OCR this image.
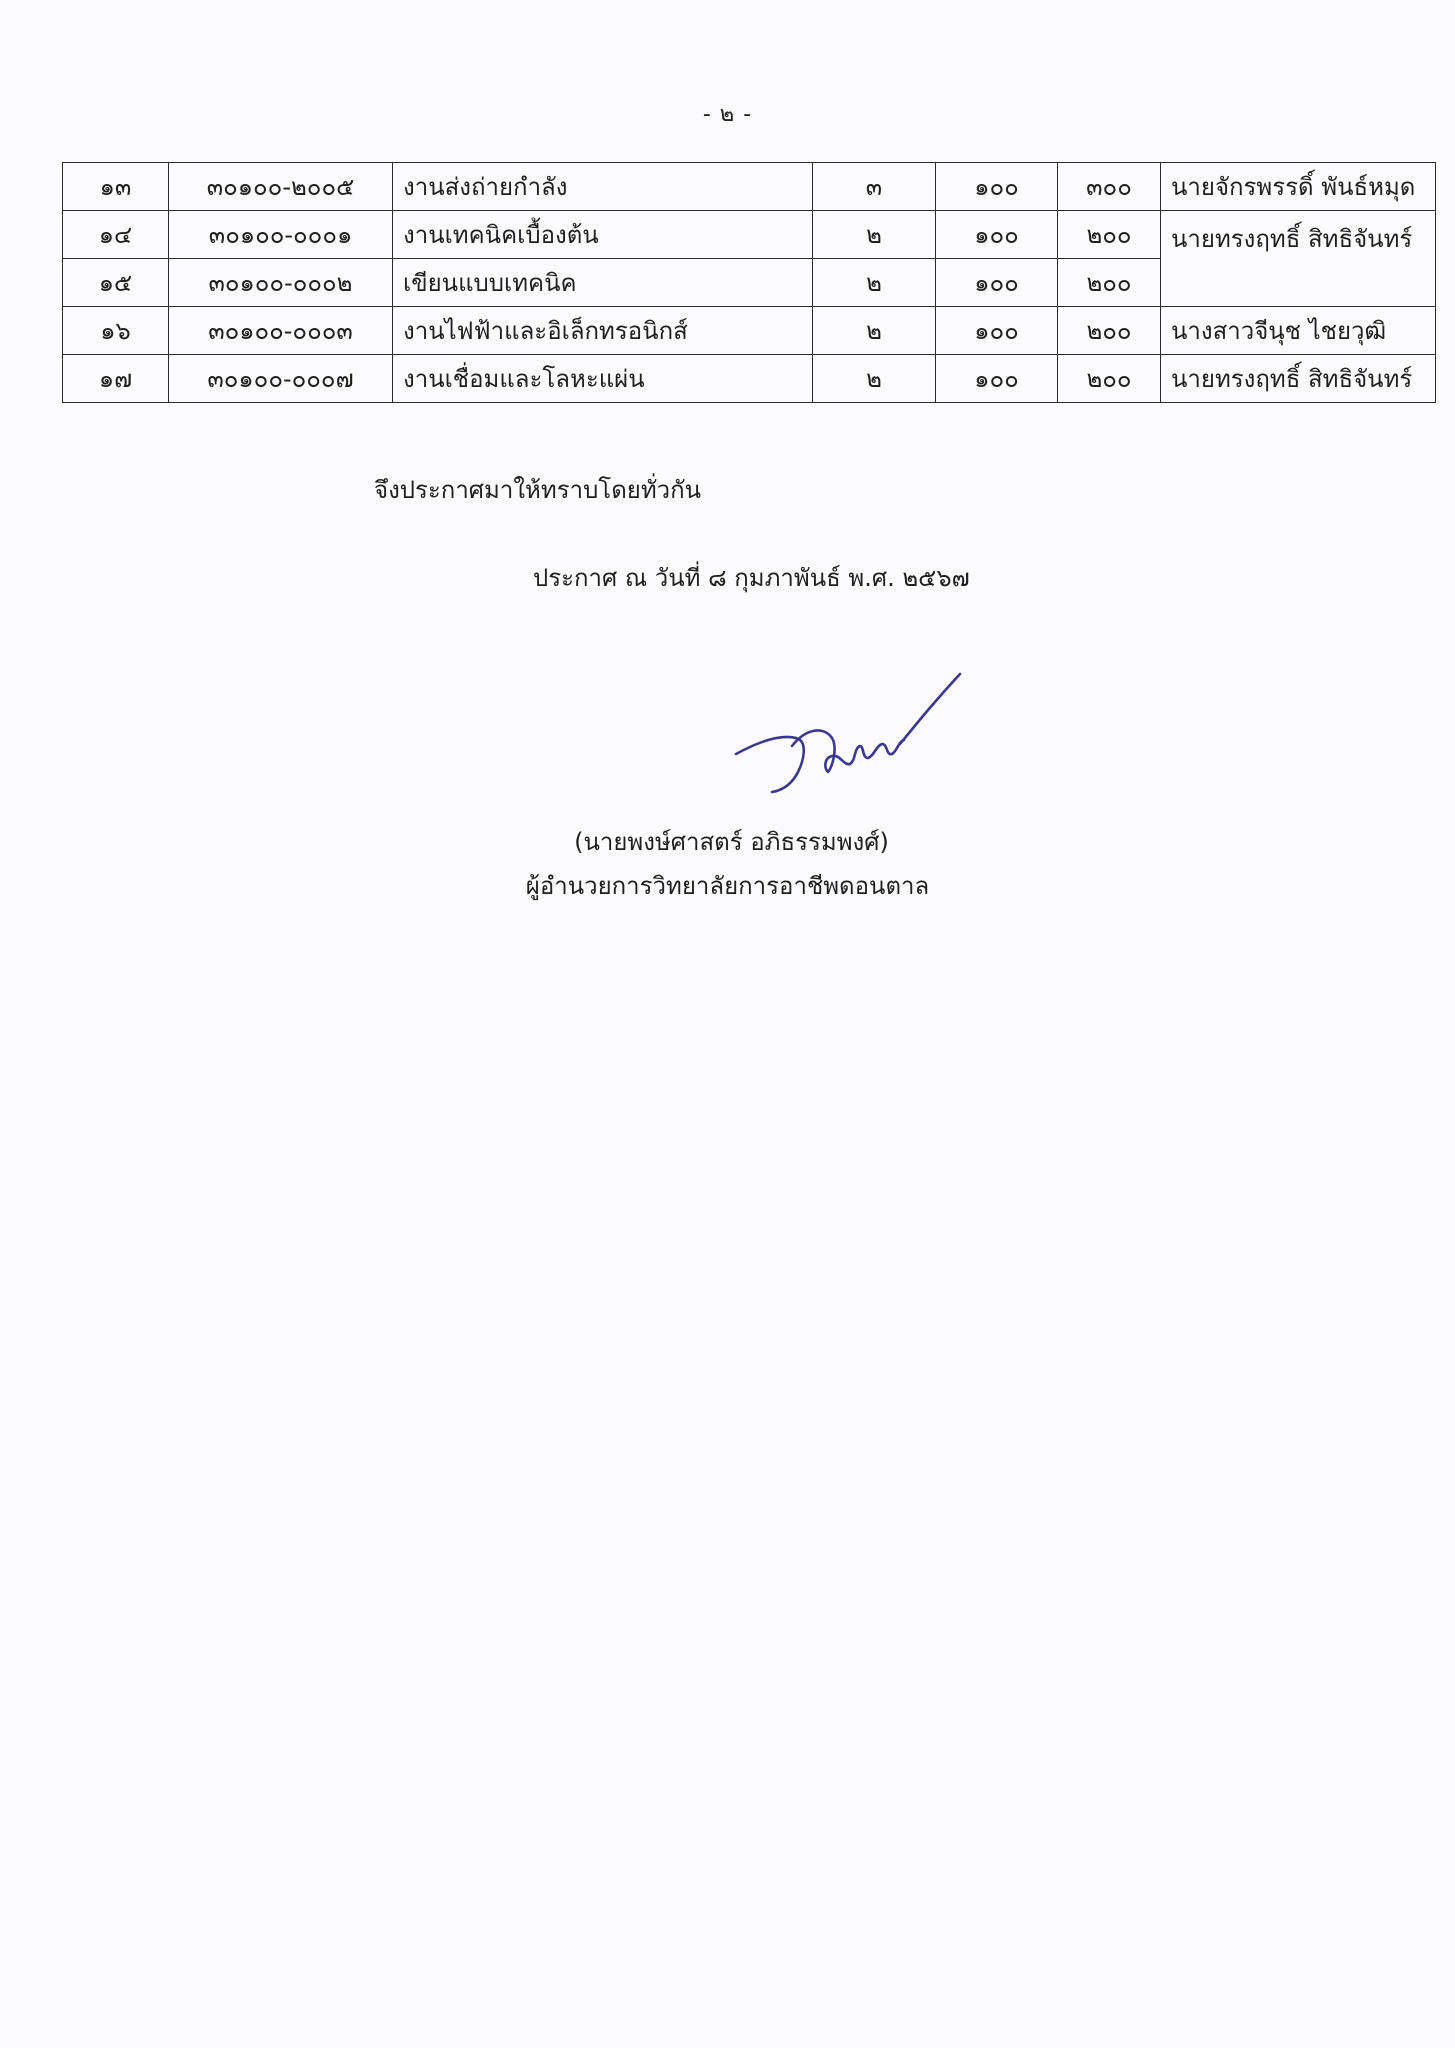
- ๒ -
๑๓	๓๐๑๐๐-๒๐๐๕	งานส่งถ่ายกำลัง	๓	๑๐๐	๓๐๐	นายจักรพรรดิ์ พันธ์หมุด
๑๔	๓๐๑๐๐-๐๐๐๑	งานเทคนิคเบื้องต้น	๒	๑๐๐	๒๐๐	นายทรงฤทธิ์ สิทธิจันทร์
๑๕	๓๐๑๐๐-๐๐๐๒	เขียนแบบเทคนิค	๒	๑๐๐	๒๐๐	
๑๖	๓๐๑๐๐-๐๐๐๓	งานไฟฟ้าและอิเล็กทรอนิกส์	๒	๑๐๐	๒๐๐	นางสาวจีนุช ไชยวุฒิ
๑๗	๓๐๑๐๐-๐๐๐๗	งานเชื่อมและโลหะแผ่น	๒	๑๐๐	๒๐๐	นายทรงฤทธิ์ สิทธิจันทร์
จึงประกาศมาให้ทราบโดยทั่วกัน
ประกาศ ณ วันที่ ๘ กุมภาพันธ์ พ.ศ. ๒๕๖๗
(นายพงษ์ศาสตร์ อภิธรรมพงศ์)
ผู้อำนวยการวิทยาลัยการอาชีพดอนตาล
